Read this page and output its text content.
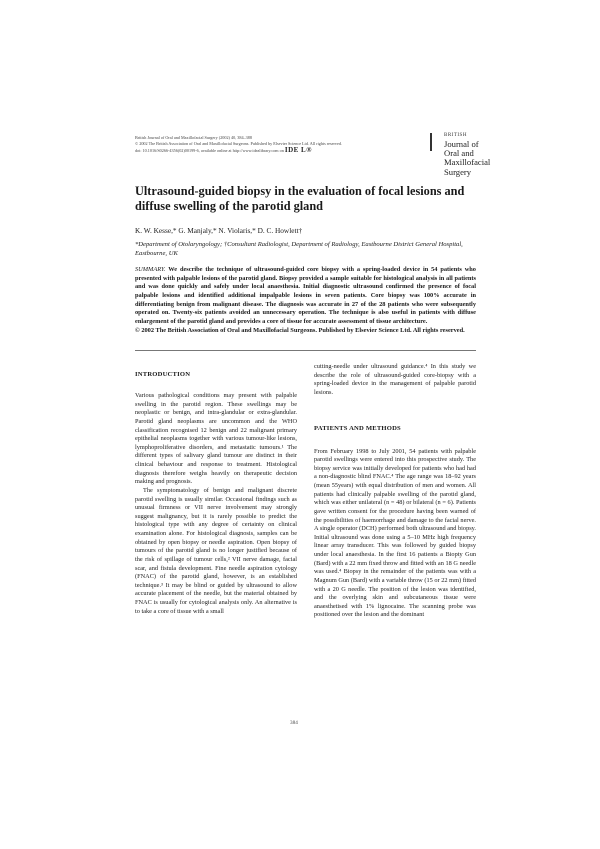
British Journal of Oral and Maxillofacial Surgery (2002) 40, 384–388
© 2002 The British Association of Oral and Maxillofacial Surgeons. Published by Elsevier Science Ltd. All rights reserved.
doi: 10.1016/S0266-4356(02)00199-6, available online at http://www.idealibrary.com on IDE L®
BRITISH
Journal of
Oral and
Maxillofacial
Surgery
Ultrasound-guided biopsy in the evaluation of focal lesions and diffuse swelling of the parotid gland
K. W. Kesse,* G. Manjaly,* N. Violaris,* D. C. Howlett†
*Department of Otolaryngology; †Consultant Radiologist, Department of Radiology, Eastbourne District General Hospital, Eastbourne, UK
SUMMARY. We describe the technique of ultrasound-guided core biopsy with a spring-loaded device in 54 patients who presented with palpable lesions of the parotid gland. Biopsy provided a sample suitable for histological analysis in all patients and was done quickly and safely under local anaesthesia. Initial diagnostic ultrasound confirmed the presence of focal palpable lesions and identified additional impalpable lesions in seven patients. Core biopsy was 100% accurate in differentiating benign from malignant disease. The diagnosis was accurate in 27 of the 28 patients who were subsequently operated on. Twenty-six patients avoided an unnecessary operation. The technique is also useful in patients with diffuse enlargement of the parotid gland and provides a core of tissue for accurate assessment of tissue architecture.
© 2002 The British Association of Oral and Maxillofacial Surgeons. Published by Elsevier Science Ltd. All rights reserved.
INTRODUCTION

Various pathological conditions may present with palpable swelling in the parotid region. These swellings may be neoplastic or benign, and intra-glandular or extra-glandular. Parotid gland neoplasms are uncommon and the WHO classification recognised 12 benign and 22 malignant primary epithelial neoplasms together with various tumour-like lesions, lymphoproliferative disorders, and metastatic tumours.¹ The different types of salivary gland tumour are distinct in their clinical behaviour and response to treatment. Histological diagnosis therefore weighs heavily on therapeutic decision making and prognosis.

The symptomatology of benign and malignant discrete parotid swelling is usually similar. Occasional findings such as unusual firmness or VII nerve involvement may strongly suggest malignancy, but it is rarely possible to predict the histological type with any degree of certainty on clinical examination alone. For histological diagnosis, samples can be obtained by open biopsy or needle aspiration. Open biopsy of tumours of the parotid gland is no longer justified because of the risk of spillage of tumour cells,² VII nerve damage, facial scar, and fistula development. Fine needle aspiration cytology (FNAC) of the parotid gland, however, is an established technique.³ It may be blind or guided by ultrasound to allow accurate placement of the needle, but the material obtained by FNAC is usually for cytological analysis only. An alternative is to take a core of tissue with a small

cutting-needle under ultrasound guidance.⁴ In this study we describe the role of ultrasound-guided core-biopsy with a spring-loaded device in the management of palpable parotid lesions.

PATIENTS AND METHODS

From February 1998 to July 2001, 54 patients with palpable parotid swellings were entered into this prospective study. The biopsy service was initially developed for patients who had had a non-diagnostic blind FNAC.⁴ The age range was 18–92 years (mean 55years) with equal distribution of men and women. All patients had clinically palpable swelling of the parotid gland, which was either unilateral (n = 48) or bilateral (n = 6). Patients gave written consent for the procedure having been warned of the possibilities of haemorrhage and damage to the facial nerve. A single operator (DCH) performed both ultrasound and biopsy. Initial ultrasound was done using a 5–10 MHz high frequency linear array transducer. This was followed by guided biopsy under local anaesthesia. In the first 16 patients a Biopty Gun (Bard) with a 22 mm fixed throw and fitted with an 18 G needle was used.⁴ Biopsy in the remainder of the patients was with a Magnum Gun (Bard) with a variable throw (15 or 22 mm) fitted with a 20 G needle. The position of the lesion was identified, and the overlying skin and subcutaneous tissue were anaesthetised with 1% lignocaine. The scanning probe was positioned over the lesion and the dominant

384
